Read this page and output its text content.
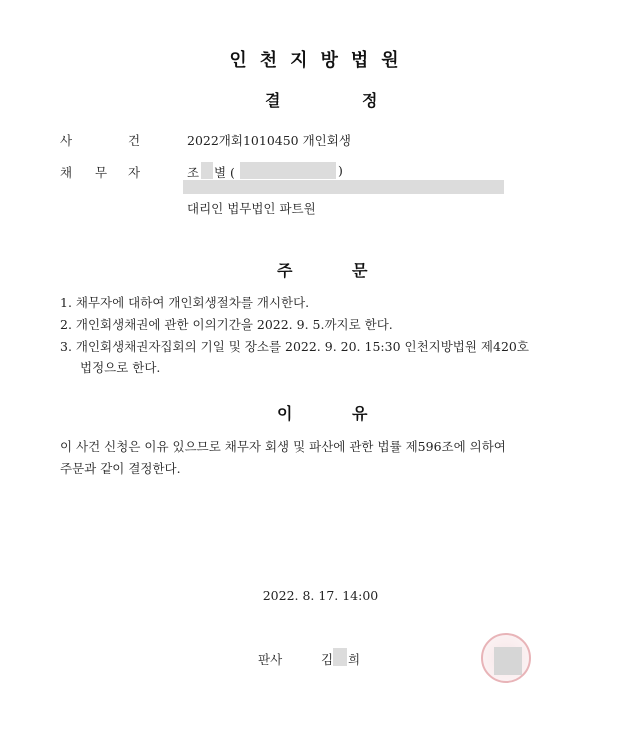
인천지방법원
결	정
사	건	2022개회1010450 개인회생
채 무 자	조 별 (	)
대리인 법무법인 파트원
주	문
1. 채무자에 대하여 개인회생절차를 개시한다.
2. 개인회생채권에 관한 이의기간을 2022. 9. 5.까지로 한다.
3. 개인회생채권자집회의 기일 및 장소를 2022. 9. 20. 15:30 인천지방법원 제420호
법정으로 한다.
이	유
이 사건 신청은 이유 있으므로 채무자 회생 및 파산에 관한 법률 제596조에 의하여
주문과 같이 결정한다.
2022. 8. 17. 14:00
판사	김 희
